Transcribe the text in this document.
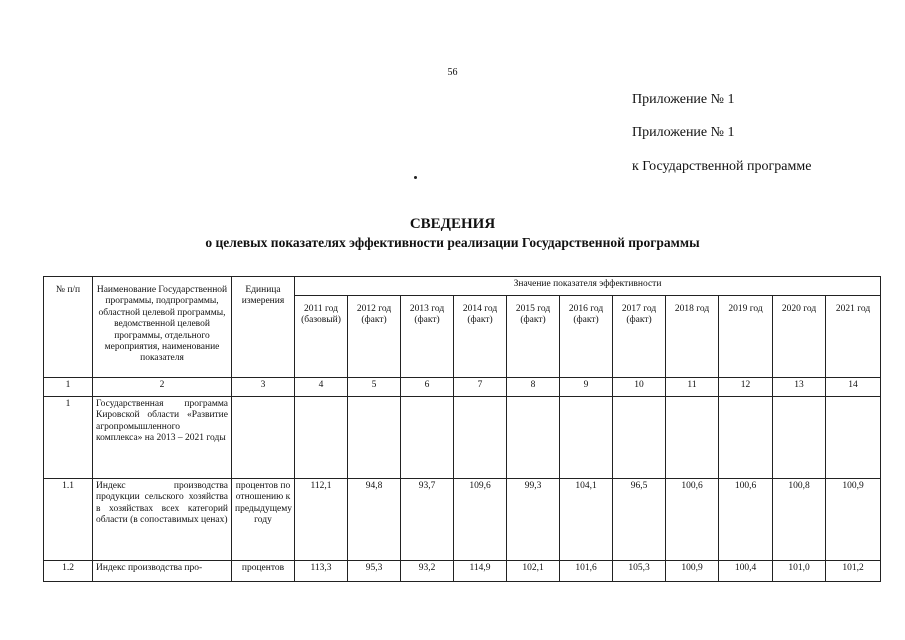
56
Приложение № 1
Приложение № 1
к Государственной программе
СВЕДЕНИЯ
о целевых показателях эффективности реализации Государственной программы
№ п/п	Наименование Государственной программы, подпрограммы, областной целевой программы, ведомственной целевой программы, отдельного мероприятия, наименование показателя	Единица измерения	Значение показателя эффективности										
			2011 год (базовый)	2012 год (факт)	2013 год (факт)	2014 год (факт)	2015 год (факт)	2016 год (факт)	2017 год (факт)	2018 год	2019 год	2020 год	2021 год
1	2	3	4	5	6	7	8	9	10	11	12	13	14
1	Государственная программа Кировской области «Развитие агропромышленного комплекса» на 2013 – 2021 годы												
1.1	Индекс производства продукции сельского хозяйства в хозяйствах всех категорий области (в сопоставимых ценах)	процентов по отношению к предыдущему году	112,1	94,8	93,7	109,6	99,3	104,1	96,5	100,6	100,6	100,8	100,9
1.2	Индекс производства про-	процентов	113,3	95,3	93,2	114,9	102,1	101,6	105,3	100,9	100,4	101,0	101,2
